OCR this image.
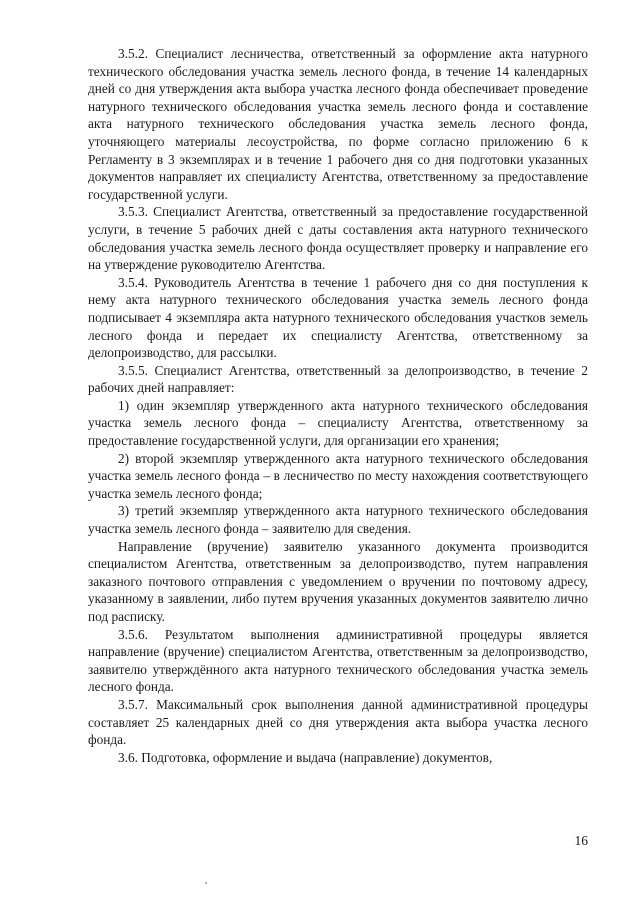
3.5.2. Специалист лесничества, ответственный за оформление акта натурного технического обследования участка земель лесного фонда, в течение 14 календарных дней со дня утверждения акта выбора участка лесного фонда обеспечивает проведение натурного технического обследования участка земель лесного фонда и составление акта натурного технического обследования участка земель лесного фонда, уточняющего материалы лесоустройства, по форме согласно приложению 6 к Регламенту в 3 экземплярах и в течение 1 рабочего дня со дня подготовки указанных документов направляет их специалисту Агентства, ответственному за предоставление государственной услуги.

3.5.3. Специалист Агентства, ответственный за предоставление государственной услуги, в течение 5 рабочих дней с даты составления акта натурного технического обследования участка земель лесного фонда осуществляет проверку и направление его на утверждение руководителю Агентства.

3.5.4. Руководитель Агентства в течение 1 рабочего дня со дня поступления к нему акта натурного технического обследования участка земель лесного фонда подписывает 4 экземпляра акта натурного технического обследования участков земель лесного фонда и передает их специалисту Агентства, ответственному за делопроизводство, для рассылки.

3.5.5. Специалист Агентства, ответственный за делопроизводство, в течение 2 рабочих дней направляет:

1) один экземпляр утвержденного акта натурного технического обследования участка земель лесного фонда – специалисту Агентства, ответственному за предоставление государственной услуги, для организации его хранения;

2) второй экземпляр утвержденного акта натурного технического обследования участка земель лесного фонда – в лесничество по месту нахождения соответствующего участка земель лесного фонда;

3) третий экземпляр утвержденного акта натурного технического обследования участка земель лесного фонда – заявителю для сведения.

Направление (вручение) заявителю указанного документа производится специалистом Агентства, ответственным за делопроизводство, путем направления заказного почтового отправления с уведомлением о вручении по почтовому адресу, указанному в заявлении, либо путем вручения указанных документов заявителю лично под расписку.

3.5.6. Результатом выполнения административной процедуры является направление (вручение) специалистом Агентства, ответственным за делопроизводство, заявителю утверждённого акта натурного технического обследования участка земель лесного фонда.

3.5.7. Максимальный срок выполнения данной административной процедуры составляет 25 календарных дней со дня утверждения акта выбора участка лесного фонда.

3.6. Подготовка, оформление и выдача (направление) документов,

16
